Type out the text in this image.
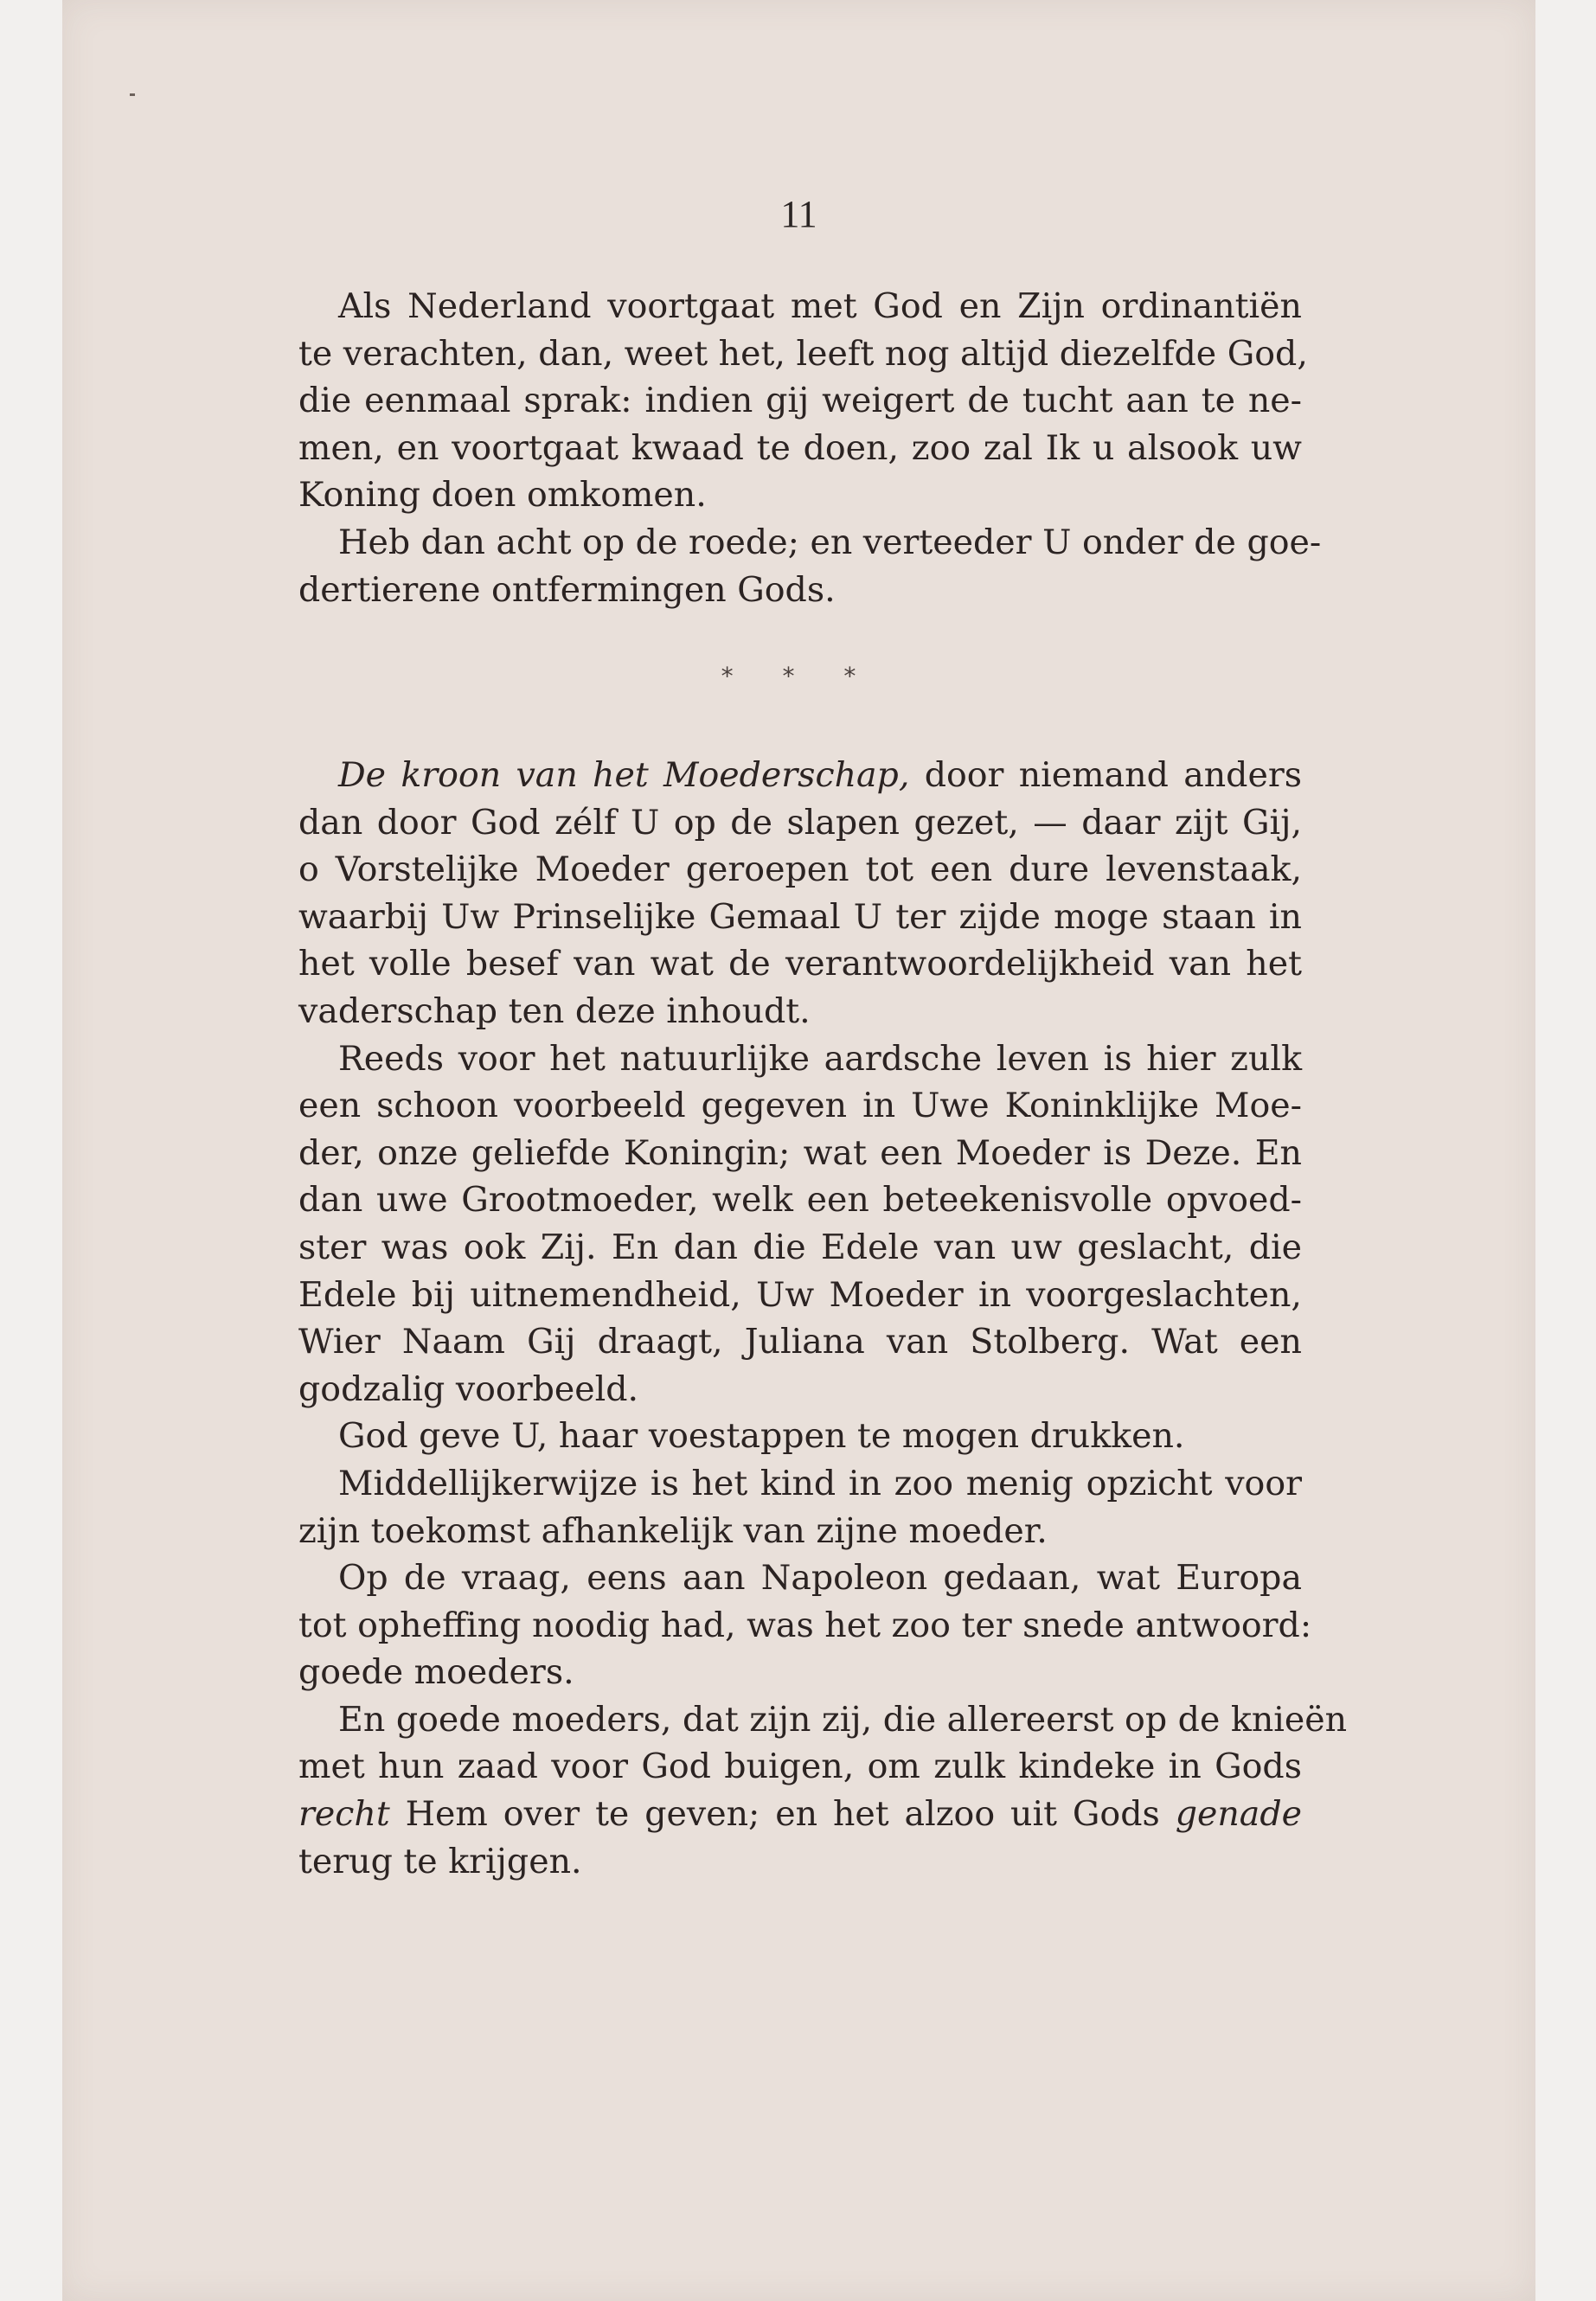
11
Als Nederland voortgaat met God en Zijn ordinantiën
te verachten, dan, weet het, leeft nog altijd diezelfde God,
die eenmaal sprak: indien gij weigert de tucht aan te ne-
men, en voortgaat kwaad te doen, zoo zal Ik u alsook uw
Koning doen omkomen.
Heb dan acht op de roede; en verteeder U onder de goe-
dertierene ontfermingen Gods.
* * *
De kroon van het Moederschap, door niemand anders
dan door God zélf U op de slapen gezet, — daar zijt Gij,
o Vorstelijke Moeder geroepen tot een dure levenstaak,
waarbij Uw Prinselijke Gemaal U ter zijde moge staan in
het volle besef van wat de verantwoordelijkheid van het
vaderschap ten deze inhoudt.
Reeds voor het natuurlijke aardsche leven is hier zulk
een schoon voorbeeld gegeven in Uwe Koninklijke Moe-
der, onze geliefde Koningin; wat een Moeder is Deze. En
dan uwe Grootmoeder, welk een beteekenisvolle opvoed-
ster was ook Zij. En dan die Edele van uw geslacht, die
Edele bij uitnemendheid, Uw Moeder in voorgeslachten,
Wier Naam Gij draagt, Juliana van Stolberg. Wat een
godzalig voorbeeld.
God geve U, haar voestappen te mogen drukken.
Middellijkerwijze is het kind in zoo menig opzicht voor
zijn toekomst afhankelijk van zijne moeder.
Op de vraag, eens aan Napoleon gedaan, wat Europa
tot opheffing noodig had, was het zoo ter snede antwoord:
goede moeders.
En goede moeders, dat zijn zij, die allereerst op de knieën
met hun zaad voor God buigen, om zulk kindeke in Gods
recht Hem over te geven; en het alzoo uit Gods genade
terug te krijgen.
